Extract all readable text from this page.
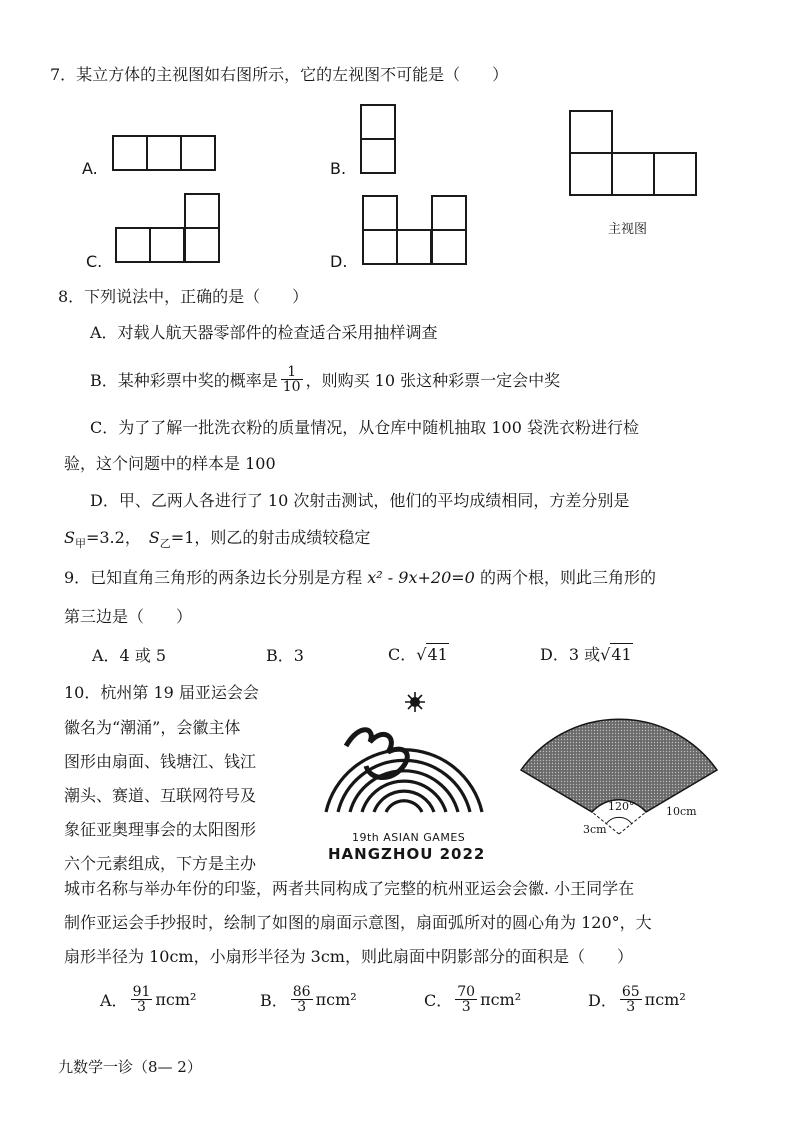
7．某立方体的主视图如右图所示，它的左视图不可能是（　　）
A.	B.
C.	D.
主视图
8．下列说法中，正确的是（　　）
A．对载人航天器零部件的检查适合采用抽样调查
B．某种彩票中奖的概率是 $\frac{1}{10}$ ，则购买 10 张这种彩票一定会中奖
C．为了了解一批洗衣粉的质量情况，从仓库中随机抽取 100 袋洗衣粉进行检
验，这个问题中的样本是 100
D．甲、乙两人各进行了 10 次射击测试，他们的平均成绩相同，方差分别是
$S_甲=3.2$， $S_乙=1$，则乙的射击成绩较稳定
9．已知直角三角形的两条边长分别是方程 x² - 9x+20=0 的两个根，则此三角形的
第三边是（　　）
A．4 或 5	B．3	C．√41	D．3 或√41
10．杭州第 19 届亚运会会
徽名为“潮涌”，会徽主体
图形由扇面、钱塘江、钱江
潮头、赛道、互联网符号及
象征亚奥理事会的太阳图形
六个元素组成，下方是主办
19th ASIAN GAMES
HANGZHOU 2022
120°	10cm
3cm
城市名称与举办年份的印鉴，两者共同构成了完整的杭州亚运会会徽. 小王同学在
制作亚运会手抄报时，绘制了如图的扇面示意图，扇面弧所对的圆心角为 120°，大
扇形半径为 10cm，小扇形半径为 3cm，则此扇面中阴影部分的面积是（　　）
A． $\frac{91}{3} \pi cm^2$	B． $\frac{86}{3} \pi cm^2$	C． $\frac{70}{3} \pi cm^2$	D． $\frac{65}{3} \pi cm^2$
九数学一诊（8— 2）
